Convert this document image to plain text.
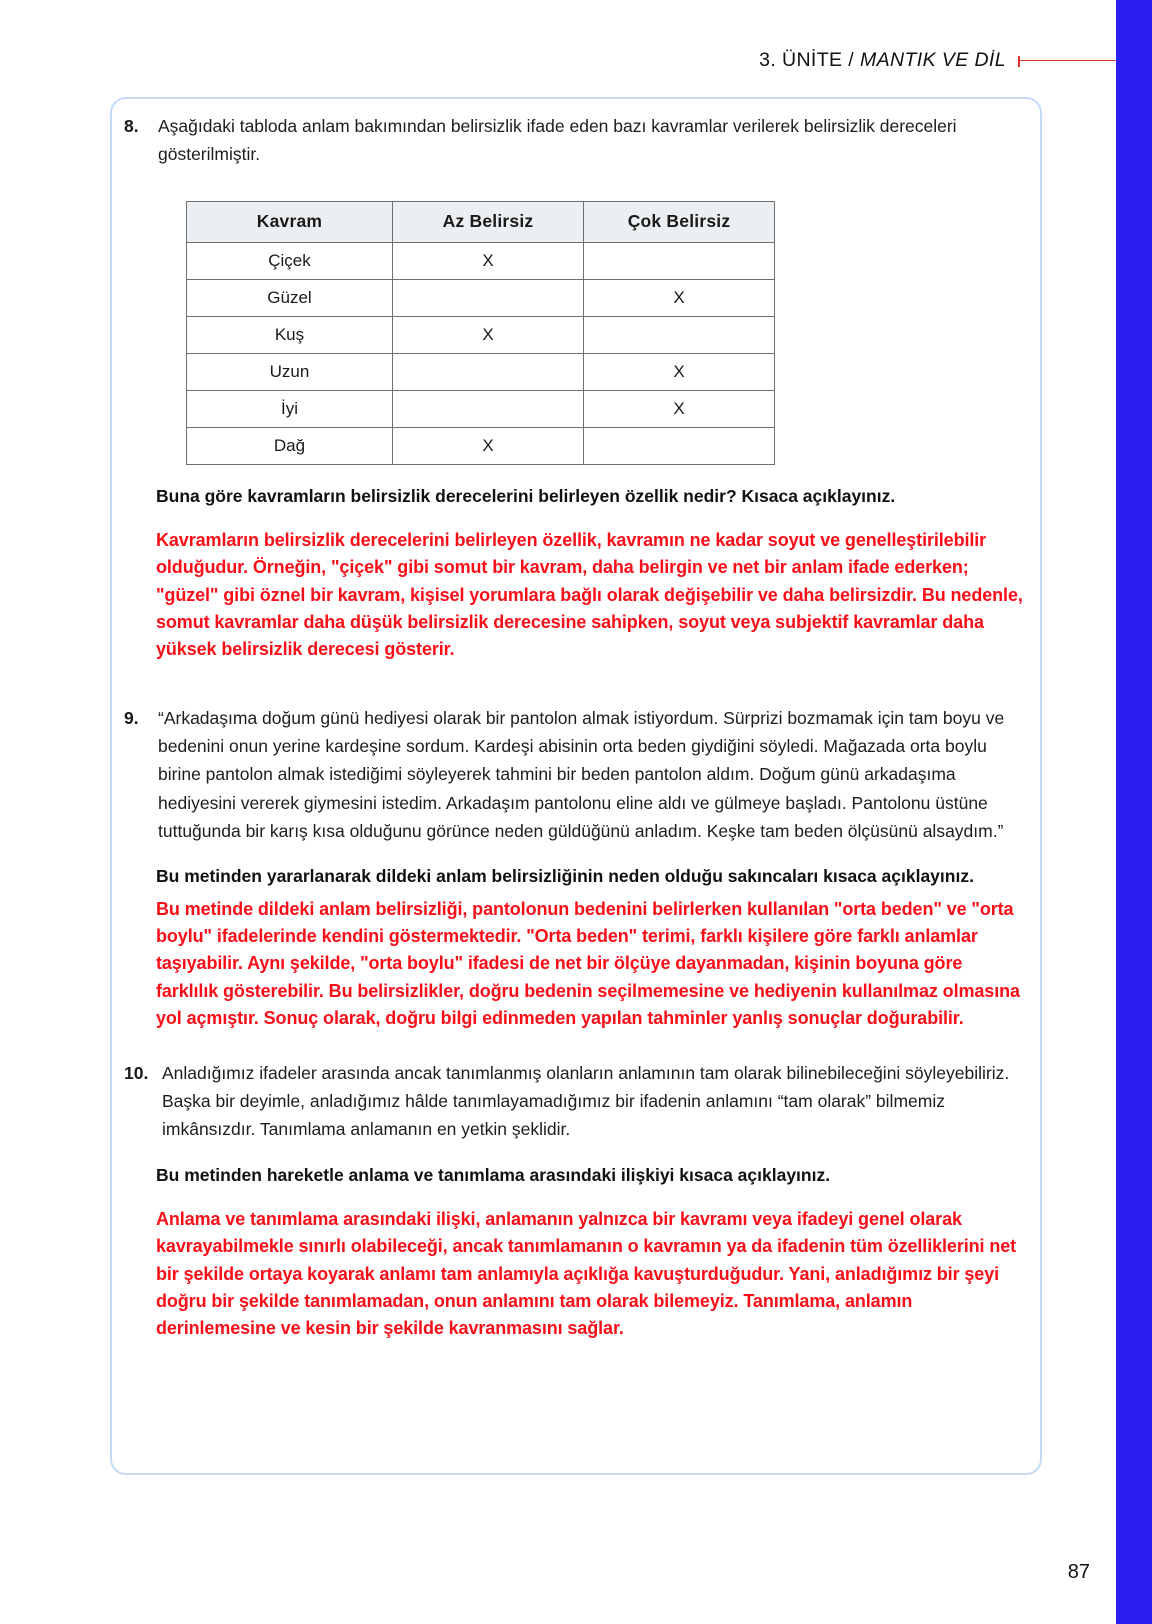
3. ÜNİTE / MANTIK VE DİL
8.	Aşağıdaki tabloda anlam bakımından belirsizlik ifade eden bazı kavramlar verilerek belirsizlik dereceleri gösterilmiştir.
Kavram	Az Belirsiz	Çok Belirsiz
Çiçek	X	
Güzel		X
Kuş	X	
Uzun		X
İyi		X
Dağ	X	
Buna göre kavramların belirsizlik derecelerini belirleyen özellik nedir? Kısaca açıklayınız.
Kavramların belirsizlik derecelerini belirleyen özellik, kavramın ne kadar soyut ve genelleştirilebilir olduğudur. Örneğin, "çiçek" gibi somut bir kavram, daha belirgin ve net bir anlam ifade ederken; "güzel" gibi öznel bir kavram, kişisel yorumlara bağlı olarak değişebilir ve daha belirsizdir. Bu nedenle, somut kavramlar daha düşük belirsizlik derecesine sahipken, soyut veya subjektif kavramlar daha yüksek belirsizlik derecesi gösterir.
9.	“Arkadaşıma doğum günü hediyesi olarak bir pantolon almak istiyordum. Sürprizi bozmamak için tam boyu ve bedenini onun yerine kardeşine sordum. Kardeşi abisinin orta beden giydiğini söyledi. Mağazada orta boylu birine pantolon almak istediğimi söyleyerek tahmini bir beden pantolon aldım. Doğum günü arkadaşıma hediyesini vererek giymesini istedim. Arkadaşım pantolonu eline aldı ve gülmeye başladı. Pantolonu üstüne tuttuğunda bir karış kısa olduğunu görünce neden güldüğünü anladım. Keşke tam beden ölçüsünü alsaydım.”
Bu metinden yararlanarak dildeki anlam belirsizliğinin neden olduğu sakıncaları kısaca açıklayınız.
Bu metinde dildeki anlam belirsizliği, pantolonun bedenini belirlerken kullanılan "orta beden" ve "orta boylu" ifadelerinde kendini göstermektedir. "Orta beden" terimi, farklı kişilere göre farklı anlamlar taşıyabilir. Aynı şekilde, "orta boylu" ifadesi de net bir ölçüye dayanmadan, kişinin boyuna göre farklılık gösterebilir. Bu belirsizlikler, doğru bedenin seçilmemesine ve hediyenin kullanılmaz olmasına yol açmıştır. Sonuç olarak, doğru bilgi edinmeden yapılan tahminler yanlış sonuçlar doğurabilir.
10. Anladığımız ifadeler arasında ancak tanımlanmış olanların anlamının tam olarak bilinebileceğini söyleyebiliriz. Başka bir deyimle, anladığımız hâlde tanımlayamadığımız bir ifadenin anlamını “tam olarak” bilmemiz imkânsızdır. Tanımlama anlamanın en yetkin şeklidir.
Bu metinden hareketle anlama ve tanımlama arasındaki ilişkiyi kısaca açıklayınız.
Anlama ve tanımlama arasındaki ilişki, anlamanın yalnızca bir kavramı veya ifadeyi genel olarak kavrayabilmekle sınırlı olabileceği, ancak tanımlamanın o kavramın ya da ifadenin tüm özelliklerini net bir şekilde ortaya koyarak anlamı tam anlamıyla açıklığa kavuşturduğudur. Yani, anladığımız bir şeyi doğru bir şekilde tanımlamadan, onun anlamını tam olarak bilemeyiz. Tanımlama, anlamın derinlemesine ve kesin bir şekilde kavranmasını sağlar.
87
